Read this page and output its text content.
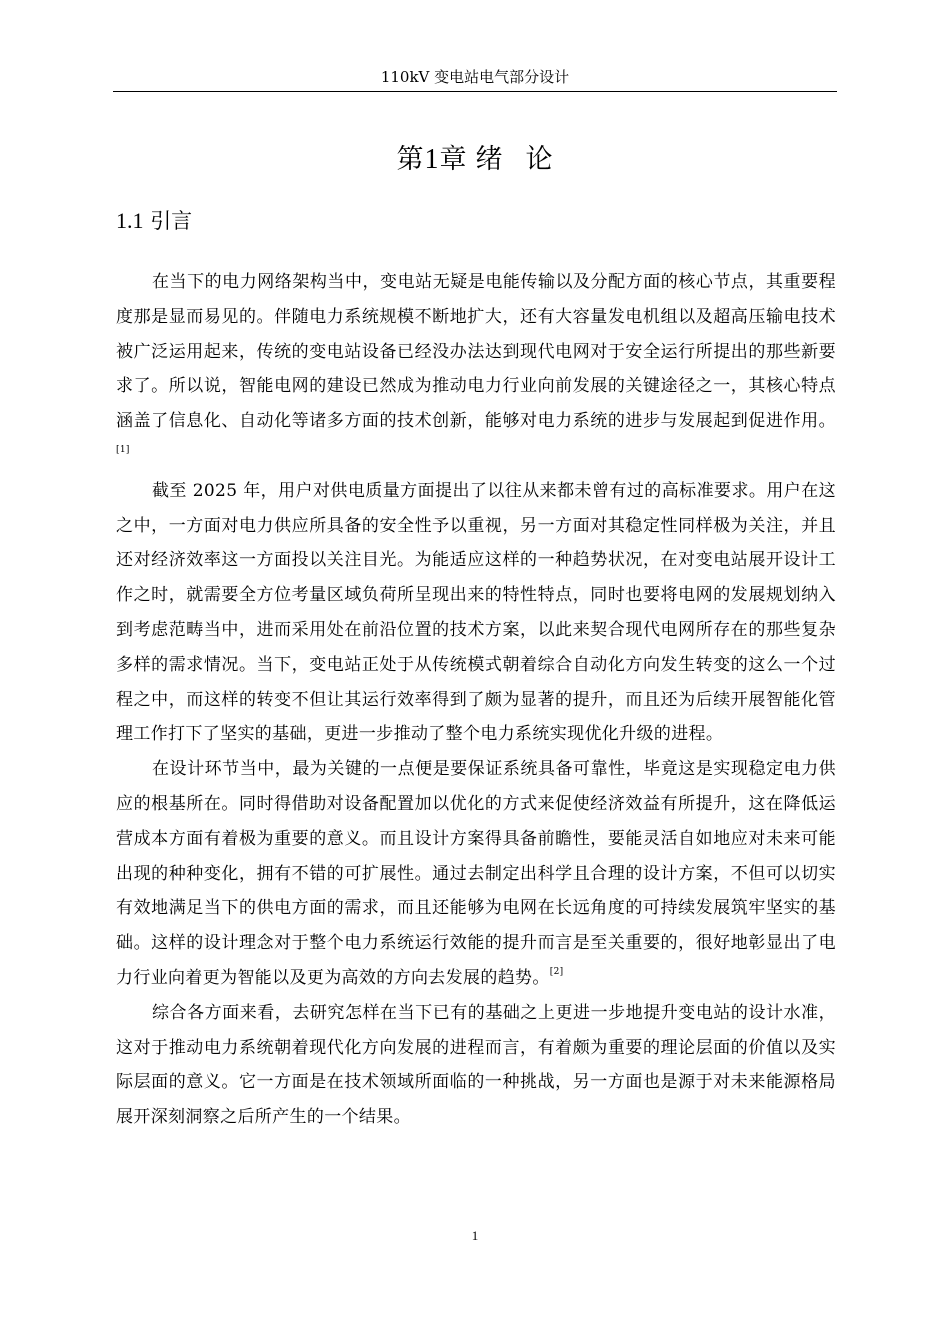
110kV 变电站电气部分设计
第1章 绪 论
1.1 引言

在当下的电力网络架构当中，变电站无疑是电能传输以及分配方面的核心节点，其重要程度那是显而易见的。伴随电力系统规模不断地扩大，还有大容量发电机组以及超高压输电技术被广泛运用起来，传统的变电站设备已经没办法达到现代电网对于安全运行所提出的那些新要求了。所以说，智能电网的建设已然成为推动电力行业向前发展的关键途径之一，其核心特点涵盖了信息化、自动化等诸多方面的技术创新，能够对电力系统的进步与发展起到促进作用。[1]

截至 2025 年，用户对供电质量方面提出了以往从来都未曾有过的高标准要求。用户在这之中，一方面对电力供应所具备的安全性予以重视，另一方面对其稳定性同样极为关注，并且还对经济效率这一方面投以关注目光。为能适应这样的一种趋势状况，在对变电站展开设计工作之时，就需要全方位考量区域负荷所呈现出来的特性特点，同时也要将电网的发展规划纳入到考虑范畴当中，进而采用处在前沿位置的技术方案，以此来契合现代电网所存在的那些复杂多样的需求情况。当下，变电站正处于从传统模式朝着综合自动化方向发生转变的这么一个过程之中，而这样的转变不但让其运行效率得到了颇为显著的提升，而且还为后续开展智能化管理工作打下了坚实的基础，更进一步推动了整个电力系统实现优化升级的进程。

在设计环节当中，最为关键的一点便是要保证系统具备可靠性，毕竟这是实现稳定电力供应的根基所在。同时得借助对设备配置加以优化的方式来促使经济效益有所提升，这在降低运营成本方面有着极为重要的意义。而且设计方案得具备前瞻性，要能灵活自如地应对未来可能出现的种种变化，拥有不错的可扩展性。通过去制定出科学且合理的设计方案，不但可以切实有效地满足当下的供电方面的需求，而且还能够为电网在长远角度的可持续发展筑牢坚实的基础。这样的设计理念对于整个电力系统运行效能的提升而言是至关重要的，很好地彰显出了电力行业向着更为智能以及更为高效的方向去发展的趋势。[2]

综合各方面来看，去研究怎样在当下已有的基础之上更进一步地提升变电站的设计水准，这对于推动电力系统朝着现代化方向发展的进程而言，有着颇为重要的理论层面的价值以及实际层面的意义。它一方面是在技术领域所面临的一种挑战，另一方面也是源于对未来能源格局展开深刻洞察之后所产生的一个结果。

1
